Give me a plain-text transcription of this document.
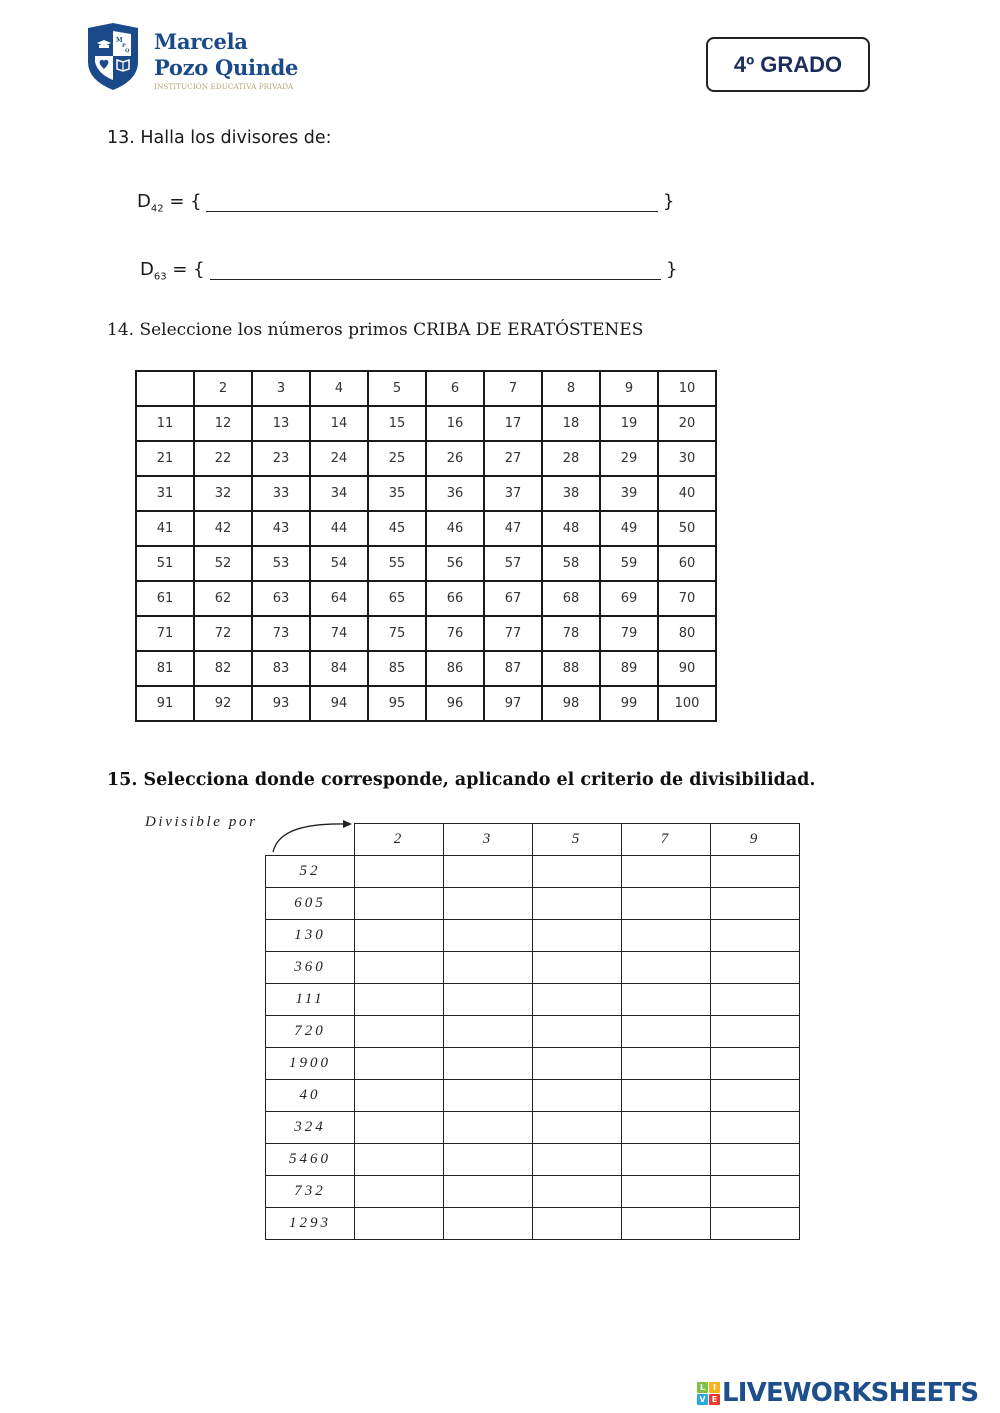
M
P
Q Marcela
Pozo Quinde
INSTITUCIÓN EDUCATIVA PRIVADA
4º GRADO
13. Halla los divisores de:
$D_{42}$ = {	}
$D_{63}$ = {	}
14. Seleccione los números primos CRIBA DE ERATÓSTENES
	2	3	4	5	6	7	8	9	10
11	12	13	14	15	16	17	18	19	20
21	22	23	24	25	26	27	28	29	30
31	32	33	34	35	36	37	38	39	40
41	42	43	44	45	46	47	48	49	50
51	52	53	54	55	56	57	58	59	60
61	62	63	64	65	66	67	68	69	70
71	72	73	74	75	76	77	78	79	80
81	82	83	84	85	86	87	88	89	90
91	92	93	94	95	96	97	98	99	100
15. Selecciona donde corresponde, aplicando el criterio de divisibilidad.
Divisible por
	2	3	5	7	9
52					
605					
130					
360					
111					
720					
1900					
40					
324					
5460					
732					
1293					
L I
V E LIVEWORKSHEETS
